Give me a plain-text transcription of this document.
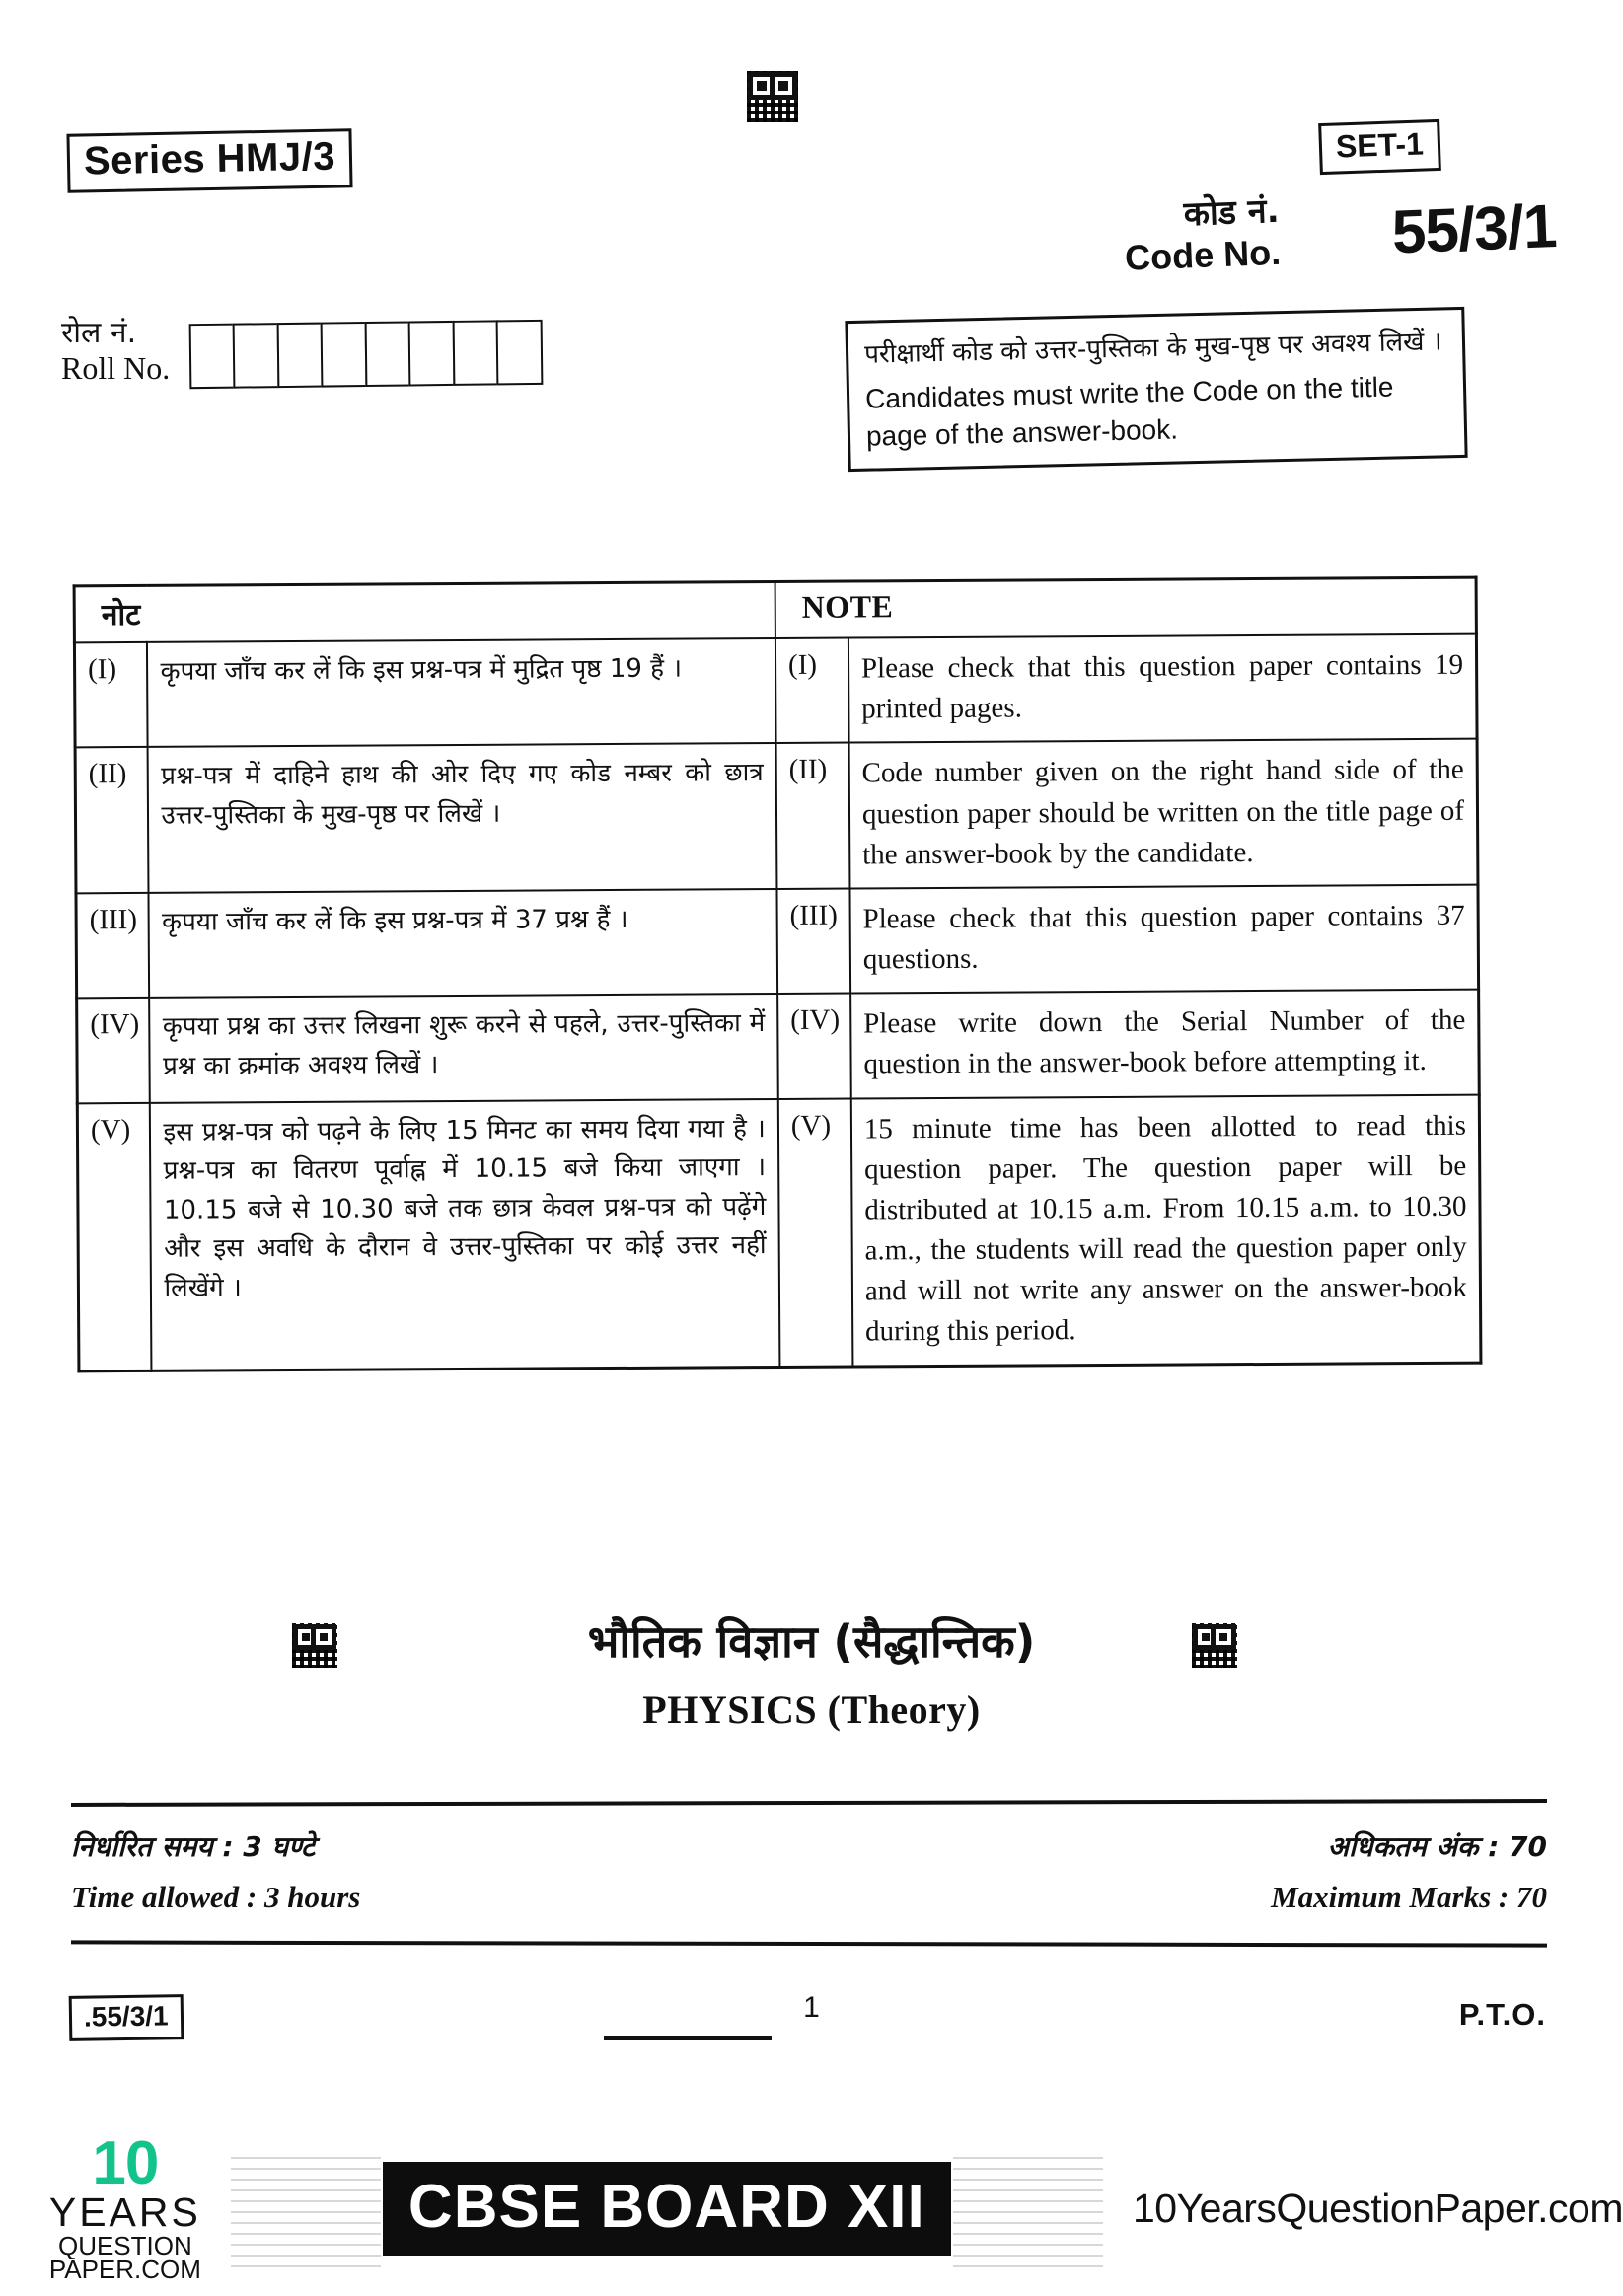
Series HMJ/3	SET-1
कोड नं.
Code No. 55/3/1
रोल नं.
Roll No.	परीक्षार्थी कोड को उत्तर-पुस्तिका के मुख-पृष्ठ पर अवश्य लिखें ।
Candidates must write the Code on the title page of the answer-book.
नोट		NOTE	
(I)	कृपया जाँच कर लें कि इस प्रश्न-पत्र में मुद्रित पृष्ठ 19 हैं ।	(I)	Please check that this question paper contains 19 printed pages.
(II)	प्रश्न-पत्र में दाहिने हाथ की ओर दिए गए कोड नम्बर को छात्र उत्तर-पुस्तिका के मुख-पृष्ठ पर लिखें ।	(II)	Code number given on the right hand side of the question paper should be written on the title page of the answer-book by the candidate.
(III)	कृपया जाँच कर लें कि इस प्रश्न-पत्र में 37 प्रश्न हैं ।	(III)	Please check that this question paper contains 37 questions.
(IV)	कृपया प्रश्न का उत्तर लिखना शुरू करने से पहले, उत्तर-पुस्तिका में प्रश्न का क्रमांक अवश्य लिखें ।	(IV)	Please write down the Serial Number of the question in the answer-book before attempting it.
(V)	इस प्रश्न-पत्र को पढ़ने के लिए 15 मिनट का समय दिया गया है । प्रश्न-पत्र का वितरण पूर्वाह्न में 10.15 बजे किया जाएगा । 10.15 बजे से 10.30 बजे तक छात्र केवल प्रश्न-पत्र को पढ़ेंगे और इस अवधि के दौरान वे उत्तर-पुस्तिका पर कोई उत्तर नहीं लिखेंगे ।	(V)	15 minute time has been allotted to read this question paper. The question paper will be distributed at 10.15 a.m. From 10.15 a.m. to 10.30 a.m., the students will read the question paper only and will not write any answer on the answer-book during this period.
भौतिक विज्ञान (सैद्धान्तिक)
PHYSICS (Theory)
निर्धारित समय : 3 घण्टे	अधिकतम अंक : 70
Time allowed : 3 hours	Maximum Marks : 70
.55/3/1	1	P.T.O.
10
YEARS
QUESTION PAPER.COM
CBSE BOARD XII	10YearsQuestionPaper.com
